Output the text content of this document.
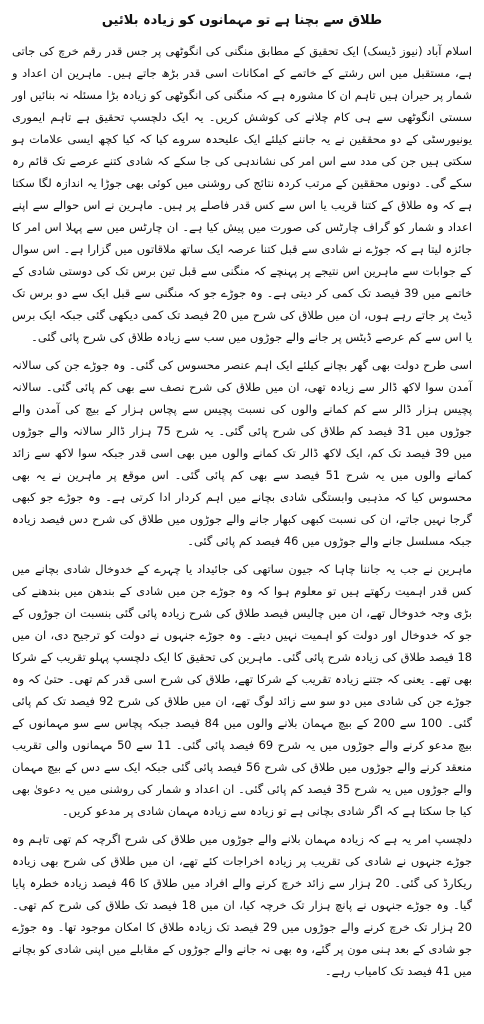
طلاق سے بچنا ہے تو مہمانوں کو زیادہ بلائیں

اسلام آباد (نیوز ڈیسک) ایک تحقیق کے مطابق منگنی کی انگوٹھی پر جس قدر رقم خرچ کی جاتی ہے، مستقبل میں اس رشتے کے خاتمے کے امکانات اسی قدر بڑھ جاتے ہیں۔ ماہرین ان اعداد و شمار پر حیران ہیں تاہم ان کا مشورہ ہے کہ منگنی کی انگوٹھی کو زیادہ بڑا مسئلہ نہ بنائیں اور سستی انگوٹھی سے ہی کام چلانے کی کوشش کریں۔ یہ ایک دلچسپ تحقیق ہے تاہم ایموری یونیورسٹی کے دو محققین نے یہ جاننے کیلئے ایک علیحدہ سروے کیا کہ کیا کچھ ایسی علامات ہو سکتی ہیں جن کی مدد سے اس امر کی نشاندہی کی جا سکے کہ شادی کتنے عرصے تک قائم رہ سکے گی۔ دونوں محققین کے مرتب کردہ نتائج کی روشنی میں کوئی بھی جوڑا یہ اندازہ لگا سکتا ہے کہ وہ طلاق کے کتنا قریب یا اس سے کس قدر فاصلے پر ہیں۔ ماہرین نے اس حوالے سے اپنے اعداد و شمار کو گراف چارٹس کی صورت میں پیش کیا ہے۔ ان چارٹس میں سے پہلا اس امر کا جائزہ لیتا ہے کہ جوڑے نے شادی سے قبل کتنا عرصہ ایک ساتھ ملاقاتوں میں گزارا ہے۔ اس سوال کے جوابات سے ماہرین اس نتیجے پر پہنچے کہ منگنی سے قبل تین برس تک کی دوستی شادی کے خاتمے میں 39 فیصد تک کمی کر دیتی ہے۔ وہ جوڑے جو کہ منگنی سے قبل ایک سے دو برس تک ڈیٹ پر جاتے رہے ہوں، ان میں طلاق کی شرح میں 20 فیصد تک کمی دیکھی گئی جبکہ ایک برس یا اس سے کم عرصے ڈیٹس پر جانے والے جوڑوں میں سب سے زیادہ طلاق کی شرح پائی گئی۔

اسی طرح دولت بھی گھر بچانے کیلئے ایک اہم عنصر محسوس کی گئی۔ وہ جوڑے جن کی سالانہ آمدن سوا لاکھ ڈالر سے زیادہ تھی، ان میں طلاق کی شرح نصف سے بھی کم پائی گئی۔ سالانہ پچیس ہزار ڈالر سے کم کمانے والوں کی نسبت پچیس سے پچاس ہزار کے بیچ کی آمدن والے جوڑوں میں 31 فیصد کم طلاق کی شرح پائی گئی۔ یہ شرح 75 ہزار ڈالر سالانہ والے جوڑوں میں 39 فیصد تک کم، ایک لاکھ ڈالر تک کمانے والوں میں بھی اسی قدر جبکہ سوا لاکھ سے زائد کمانے والوں میں یہ شرح 51 فیصد سے بھی کم پائی گئی۔ اس موقع پر ماہرین نے یہ بھی محسوس کیا کہ مذہبی وابستگی شادی بچانے میں اہم کردار ادا کرتی ہے۔ وہ جوڑے جو کبھی گرجا نہیں جاتے، ان کی نسبت کبھی کبھار جانے والے جوڑوں میں طلاق کی شرح دس فیصد زیادہ جبکہ مسلسل جانے والے جوڑوں میں 46 فیصد کم پائی گئی۔

ماہرین نے جب یہ جاننا چاہا کہ جیون ساتھی کی جائیداد یا چہرے کے خدوخال شادی بچانے میں کس قدر اہمیت رکھتے ہیں تو معلوم ہوا کہ وہ جوڑے جن میں شادی کے بندھن میں بندھنے کی بڑی وجہ خدوخال تھے، ان میں چالیس فیصد طلاق کی شرح زیادہ پائی گئی بنسبت ان جوڑوں کے جو کہ خدوخال اور دولت کو اہمیت نہیں دیتے۔ وہ جوڑے جنہوں نے دولت کو ترجیح دی، ان میں 18 فیصد طلاق کی زیادہ شرح پائی گئی۔ ماہرین کی تحقیق کا ایک دلچسپ پہلو تقریب کے شرکا بھی تھے۔ یعنی کہ جتنے زیادہ تقریب کے شرکا تھے، طلاق کی شرح اسی قدر کم تھی۔ حتیٰ کہ وہ جوڑے جن کی شادی میں دو سو سے زائد لوگ تھے، ان میں طلاق کی شرح 92 فیصد تک کم پائی گئی۔ 100 سے 200 کے بیچ مہمان بلانے والوں میں 84 فیصد جبکہ پچاس سے سو مہمانوں کے بیچ مدعو کرنے والے جوڑوں میں یہ شرح 69 فیصد پائی گئی۔ 11 سے 50 مہمانوں والی تقریب منعقد کرنے والے جوڑوں میں طلاق کی شرح 56 فیصد پائی گئی جبکہ ایک سے دس کے بیچ مہمان والے جوڑوں میں یہ شرح 35 فیصد کم پائی گئی۔ ان اعداد و شمار کی روشنی میں یہ دعویٰ بھی کیا جا سکتا ہے کہ اگر شادی بچانی ہے تو زیادہ سے زیادہ مہمان شادی پر مدعو کریں۔

دلچسپ امر یہ ہے کہ زیادہ مہمان بلانے والے جوڑوں میں طلاق کی شرح اگرچہ کم تھی تاہم وہ جوڑے جنہوں نے شادی کی تقریب پر زیادہ اخراجات کئے تھے، ان میں طلاق کی شرح بھی زیادہ ریکارڈ کی گئی۔ 20 ہزار سے زائد خرچ کرنے والے افراد میں طلاق کا 46 فیصد زیادہ خطرہ پایا گیا۔ وہ جوڑے جنہوں نے پانچ ہزار تک خرچہ کیا، ان میں 18 فیصد تک طلاق کی شرح کم تھی۔ 20 ہزار تک خرچ کرنے والے جوڑوں میں 29 فیصد تک زیادہ طلاق کا امکان موجود تھا۔ وہ جوڑے جو شادی کے بعد ہنی مون پر گئے، وہ بھی نہ جانے والے جوڑوں کے مقابلے میں اپنی شادی کو بچانے میں 41 فیصد تک کامیاب رہے۔
